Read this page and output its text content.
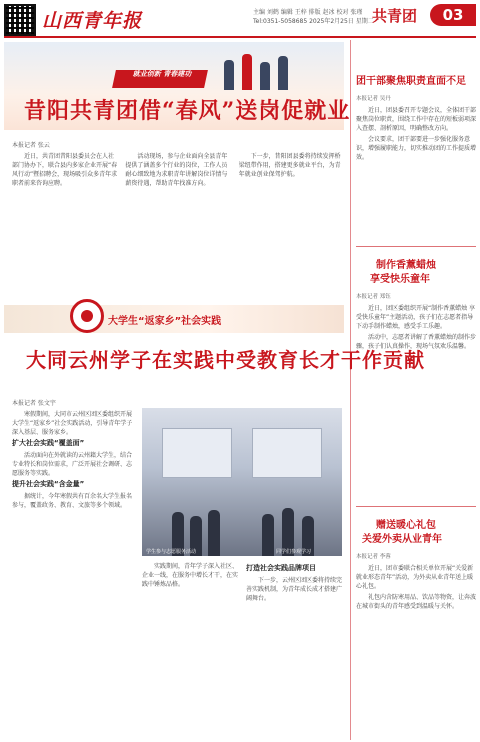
山西青年报	主编 刘鹤 编辑 王梓 排版 赵冰 校对 张瑾
Tel:0351-5058685 2025年2月25日 星期二
共青团	03
就业创新 青春建功
昔阳共青团借“春风”送岗促就业
本报记者 张云

近日，共青团昔阳县委员会在人社部门协办下，联合县内多家企业开展“春风行动”暨招聘会，现场吸引众多青年求职者前来咨询应聘。

活动现场，参与企业面向全县青年提供了涵盖多个行业的岗位，工作人员耐心细致地为求职青年讲解岗位详情与薪资待遇，帮助青年找准方向。

下一步，昔阳团县委将持续发挥桥梁纽带作用，搭建更多就业平台，为青年就业创业保驾护航。

大学生“返家乡”社会实践
大同云州学子在实践中受教育长才干作贡献
本报记者 张文宇

寒假期间，大同市云州区团区委组织开展大学生“返家乡”社会实践活动，引导青年学子深入基层、服务家乡。

扩大社会实践“覆盖面”

活动面向在外就读的云州籍大学生，结合专业特长和岗位需求，广泛开展社会调研、志愿服务等实践。

提升社会实践“含金量”

据统计，今年寒假共有百余名大学生报名参与，覆盖政务、教育、文旅等多个领域。

学生参与志愿服务活动	同学们参观学习

实践期间，青年学子深入社区、企业一线，在服务中增长才干，在实践中锤炼品格。

打造社会实践品牌项目

下一步，云州区团区委将持续完善实践机制，为青年成长成才搭建广阔舞台。

团干部聚焦职责直面不足
本报记者 吴丹

近日，团县委召开专题会议，全体团干部聚焦岗位职责，围绕工作中存在的短板弱项深入查摆、剖析原因，明确整改方向。

会议要求，团干部要进一步强化服务意识，增强履职能力，切实推动团的工作提质增效。

制作香薰蜡烛
享受快乐童年
本报记者 郑钰

近日，团区委组织开展“制作香薰蜡烛 享受快乐童年”主题活动，孩子们在志愿者指导下动手制作蜡烛，感受手工乐趣。

活动中，志愿者讲解了香薰蜡烛的制作步骤，孩子们认真操作，现场气氛欢乐温馨。

赠送暖心礼包
关爱外卖从业青年
本报记者 李蓉

近日，团市委联合相关单位开展“关爱新就业形态青年”活动，为外卖从业青年送上暖心礼包。

礼包内含防寒用品、饮品等物资，让奔波在城市街头的青年感受到温暖与关怀。
